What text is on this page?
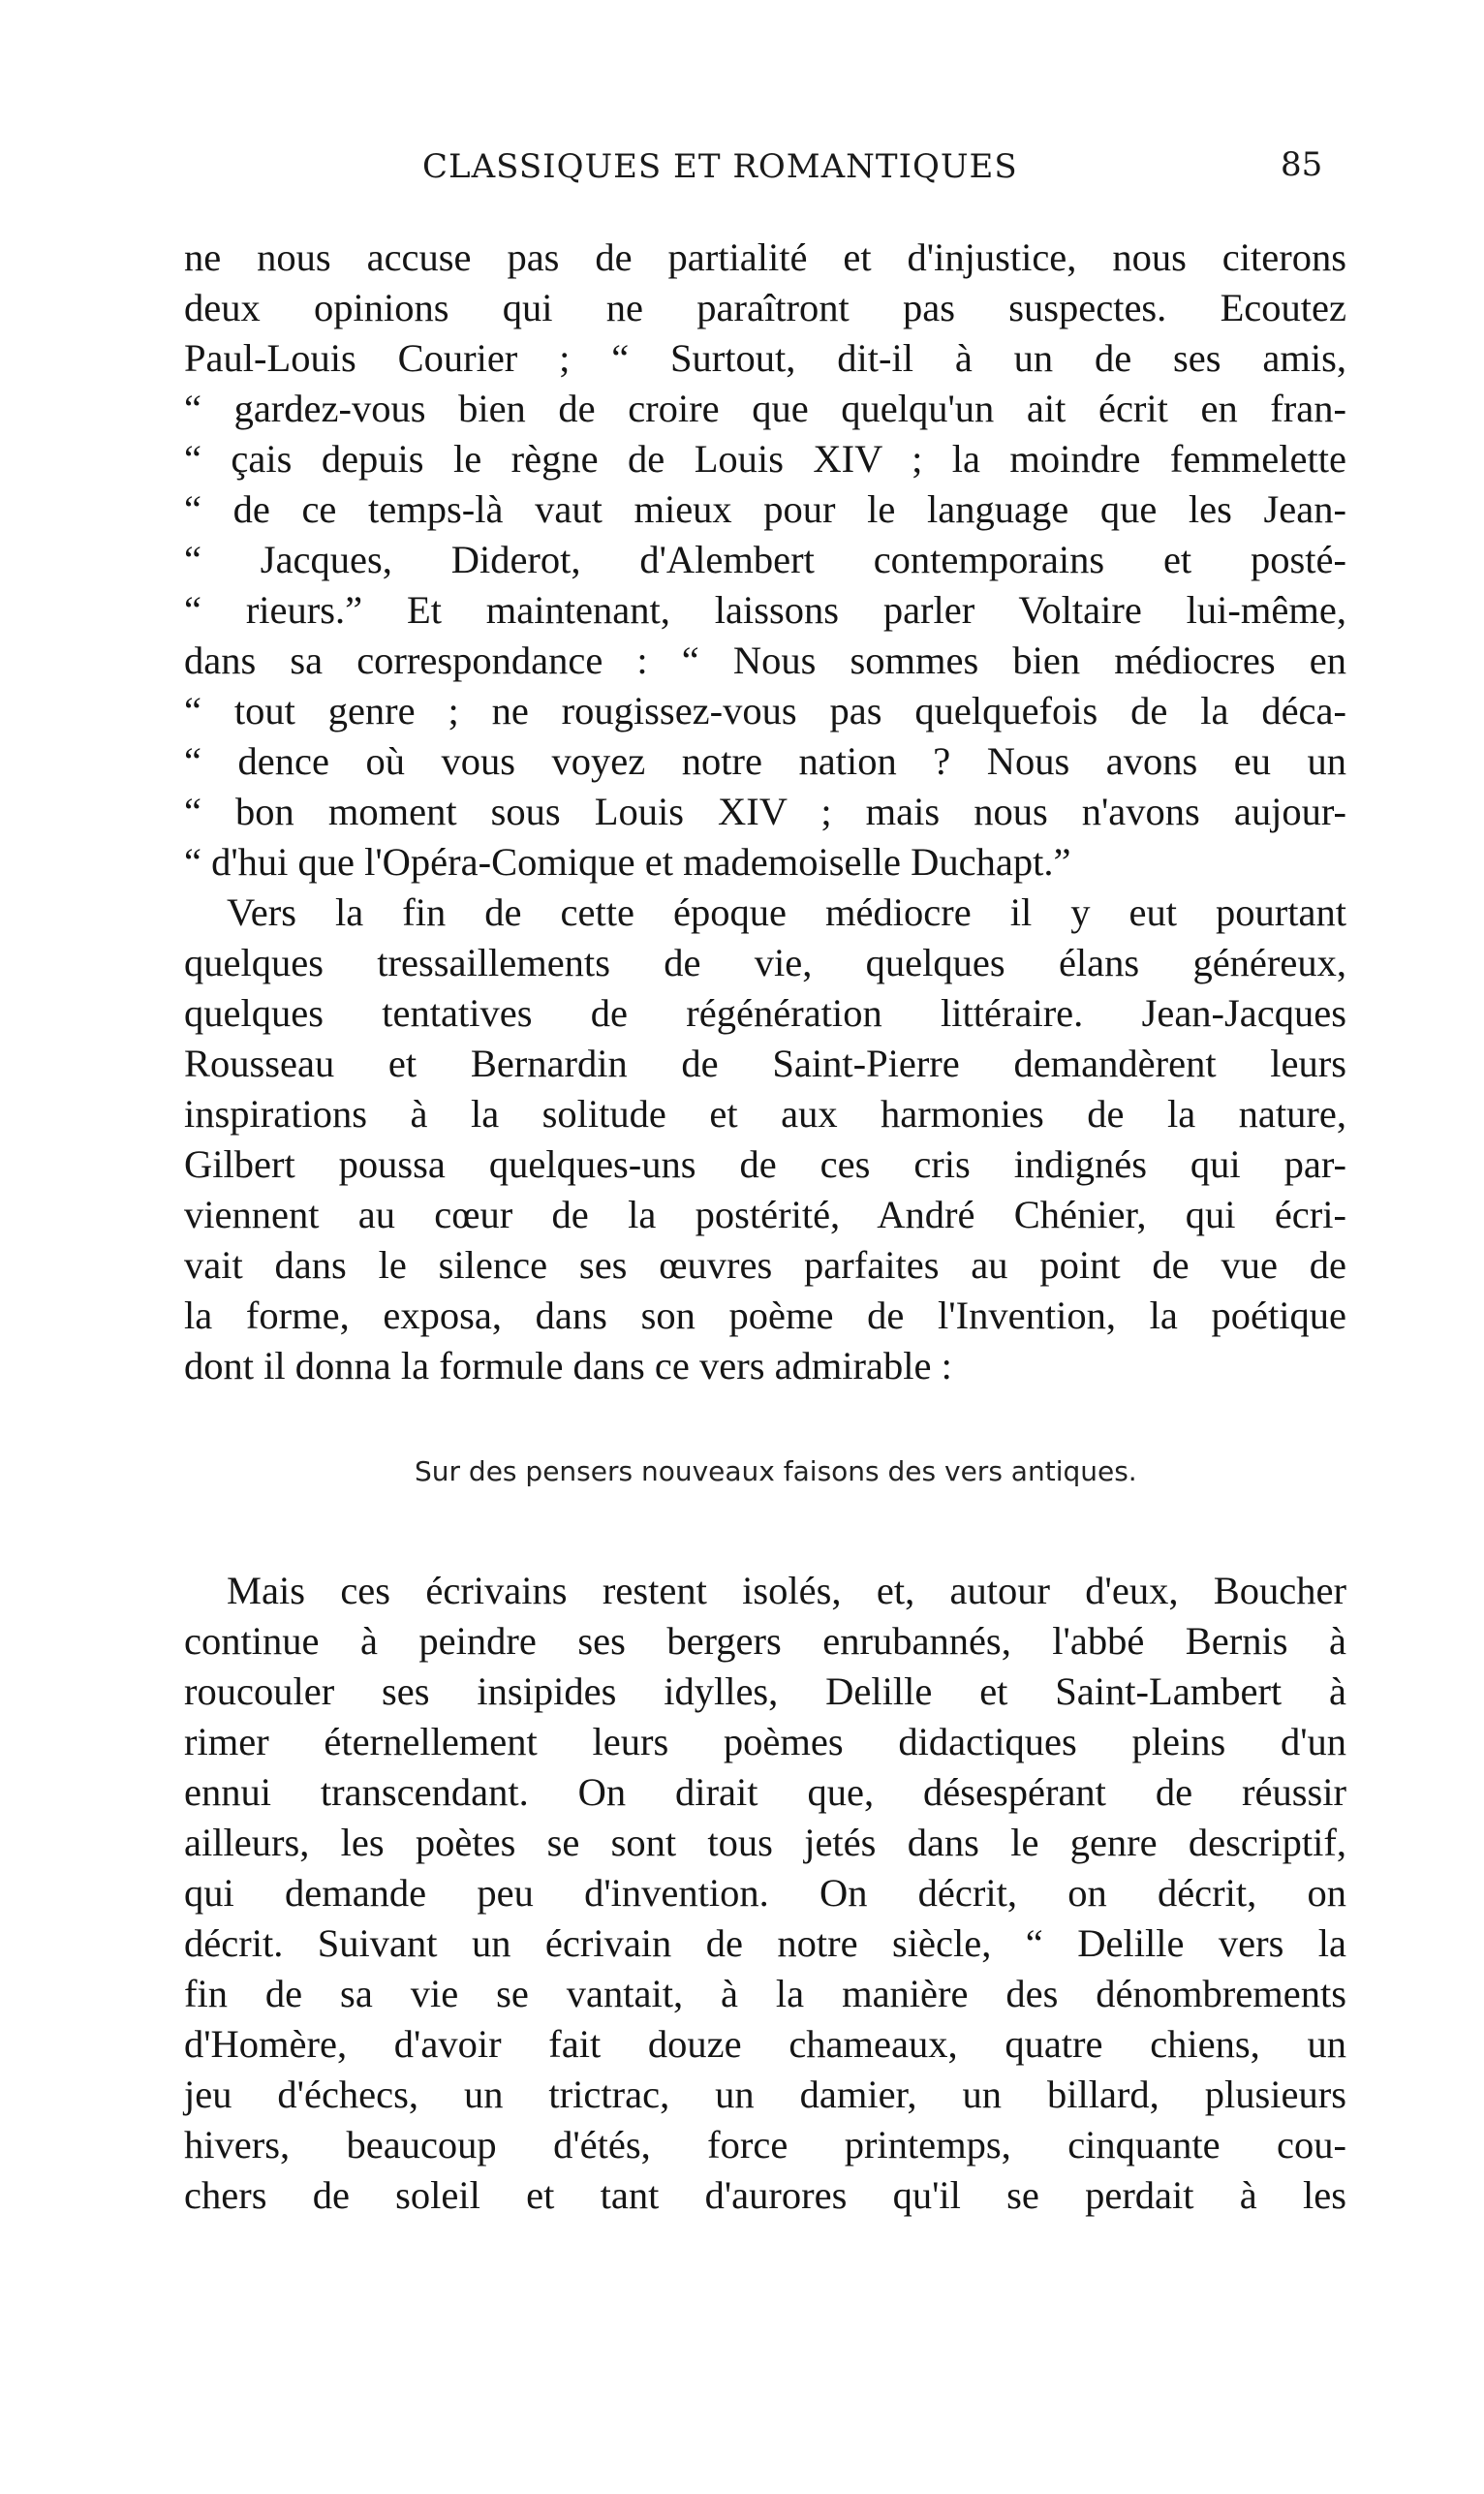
CLASSIQUES ET ROMANTIQUES	85
ne nous accuse pas de partialité et d'injustice, nous citerons
deux opinions qui ne paraîtront pas suspectes. Ecoutez
Paul-Louis Courier ; “ Surtout, dit-il à un de ses amis,
“ gardez-vous bien de croire que quelqu'un ait écrit en fran-
“ çais depuis le règne de Louis XIV ; la moindre femmelette
“ de ce temps-là vaut mieux pour le language que les Jean-
“ Jacques, Diderot, d'Alembert contemporains et posté-
“ rieurs.” Et maintenant, laissons parler Voltaire lui-même,
dans sa correspondance : “ Nous sommes bien médiocres en
“ tout genre ; ne rougissez-vous pas quelquefois de la déca-
“ dence où vous voyez notre nation ? Nous avons eu un
“ bon moment sous Louis XIV ; mais nous n'avons aujour-
“ d'hui que l'Opéra-Comique et mademoiselle Duchapt.”
Vers la fin de cette époque médiocre il y eut pourtant
quelques tressaillements de vie, quelques élans généreux,
quelques tentatives de régénération littéraire. Jean-Jacques
Rousseau et Bernardin de Saint-Pierre demandèrent leurs
inspirations à la solitude et aux harmonies de la nature,
Gilbert poussa quelques-uns de ces cris indignés qui par-
viennent au cœur de la postérité, André Chénier, qui écri-
vait dans le silence ses œuvres parfaites au point de vue de
la forme, exposa, dans son poème de l'Invention, la poétique
dont il donna la formule dans ce vers admirable :
Sur des pensers nouveaux faisons des vers antiques.
Mais ces écrivains restent isolés, et, autour d'eux, Boucher
continue à peindre ses bergers enrubannés, l'abbé Bernis à
roucouler ses insipides idylles, Delille et Saint-Lambert à
rimer éternellement leurs poèmes didactiques pleins d'un
ennui transcendant. On dirait que, désespérant de réussir
ailleurs, les poètes se sont tous jetés dans le genre descriptif,
qui demande peu d'invention. On décrit, on décrit, on
décrit. Suivant un écrivain de notre siècle, “ Delille vers la
fin de sa vie se vantait, à la manière des dénombrements
d'Homère, d'avoir fait douze chameaux, quatre chiens, un
jeu d'échecs, un trictrac, un damier, un billard, plusieurs
hivers, beaucoup d'étés, force printemps, cinquante cou-
chers de soleil et tant d'aurores qu'il se perdait à les
